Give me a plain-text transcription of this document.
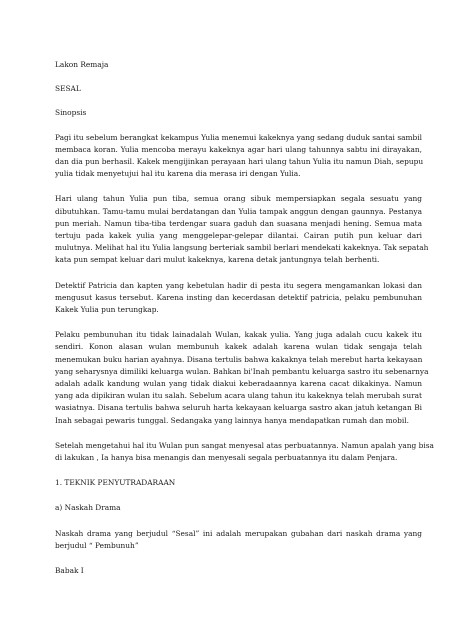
Lakon Remaja

SESAL

Sinopsis

Pagi itu sebelum berangkat kekampus Yulia menemui kakeknya yang sedang duduk santai sambil
membaca koran. Yulia mencoba merayu kakeknya agar hari ulang tahunnya sabtu ini dirayakan,
dan dia pun berhasil. Kakek mengijinkan perayaan hari ulang tahun Yulia itu namun Diah, sepupu
yulia tidak menyetujui hal itu karena dia merasa iri dengan Yulia.
Hari ulang tahun Yulia pun tiba, semua orang sibuk mempersiapkan segala sesuatu yang
dibutuhkan. Tamu-tamu mulai berdatangan dan Yulia tampak anggun dengan gaunnya. Pestanya
pun meriah. Namun tiba-tiba terdengar suara gaduh dan suasana menjadi hening. Semua mata
tertuju pada kakek yulia yang menggelepar-gelepar dilantai. Cairan putih pun keluar dari
mulutnya. Melihat hal itu Yulia langsung berteriak sambil berlari mendekati kakeknya. Tak sepatah
kata pun sempat keluar dari mulut kakeknya, karena detak jantungnya telah berhenti.
Detektif Patricia dan kapten yang kebetulan hadir di pesta itu segera mengamankan lokasi dan
mengusut kasus tersebut. Karena insting dan kecerdasan detektif patricia, pelaku pembunuhan
Kakek Yulia pun terungkap.
Pelaku pembunuhan itu tidak lainadalah Wulan, kakak yulia. Yang juga adalah cucu kakek itu
sendiri. Konon alasan wulan membunuh kakek adalah karena wulan tidak sengaja telah
menemukan buku harian ayahnya. Disana tertulis bahwa kakaknya telah merebut harta kekayaan
yang seharysnya dimiliki keluarga wulan. Bahkan bi'Inah pembantu keluarga sastro itu sebenarnya
adalah adalk kandung wulan yang tidak diakui keberadaannya karena cacat dikakinya. Namun
yang ada dipikiran wulan itu salah. Sebelum acara ulang tahun itu kakeknya telah merubah surat
wasiatnya. Disana tertulis bahwa seluruh harta kekayaan keluarga sastro akan jatuh ketangan Bi
Inah sebagai pewaris tunggal. Sedangaka yang lainnya hanya mendapatkan rumah dan mobil.
Setelah mengetahui hal itu Wulan pun sangat menyesal atas perbuatannya. Namun apalah yang bisa
di lakukan , Ia hanya bisa menangis dan menyesali segala perbuatannya itu dalam Penjara.

1. TEKNIK PENYUTRADARAAN

a) Naskah Drama

Naskah drama yang berjudul “Sesal” ini adalah merupakan gubahan dari naskah drama yang
berjudul “ Pembunuh”

Babak I
